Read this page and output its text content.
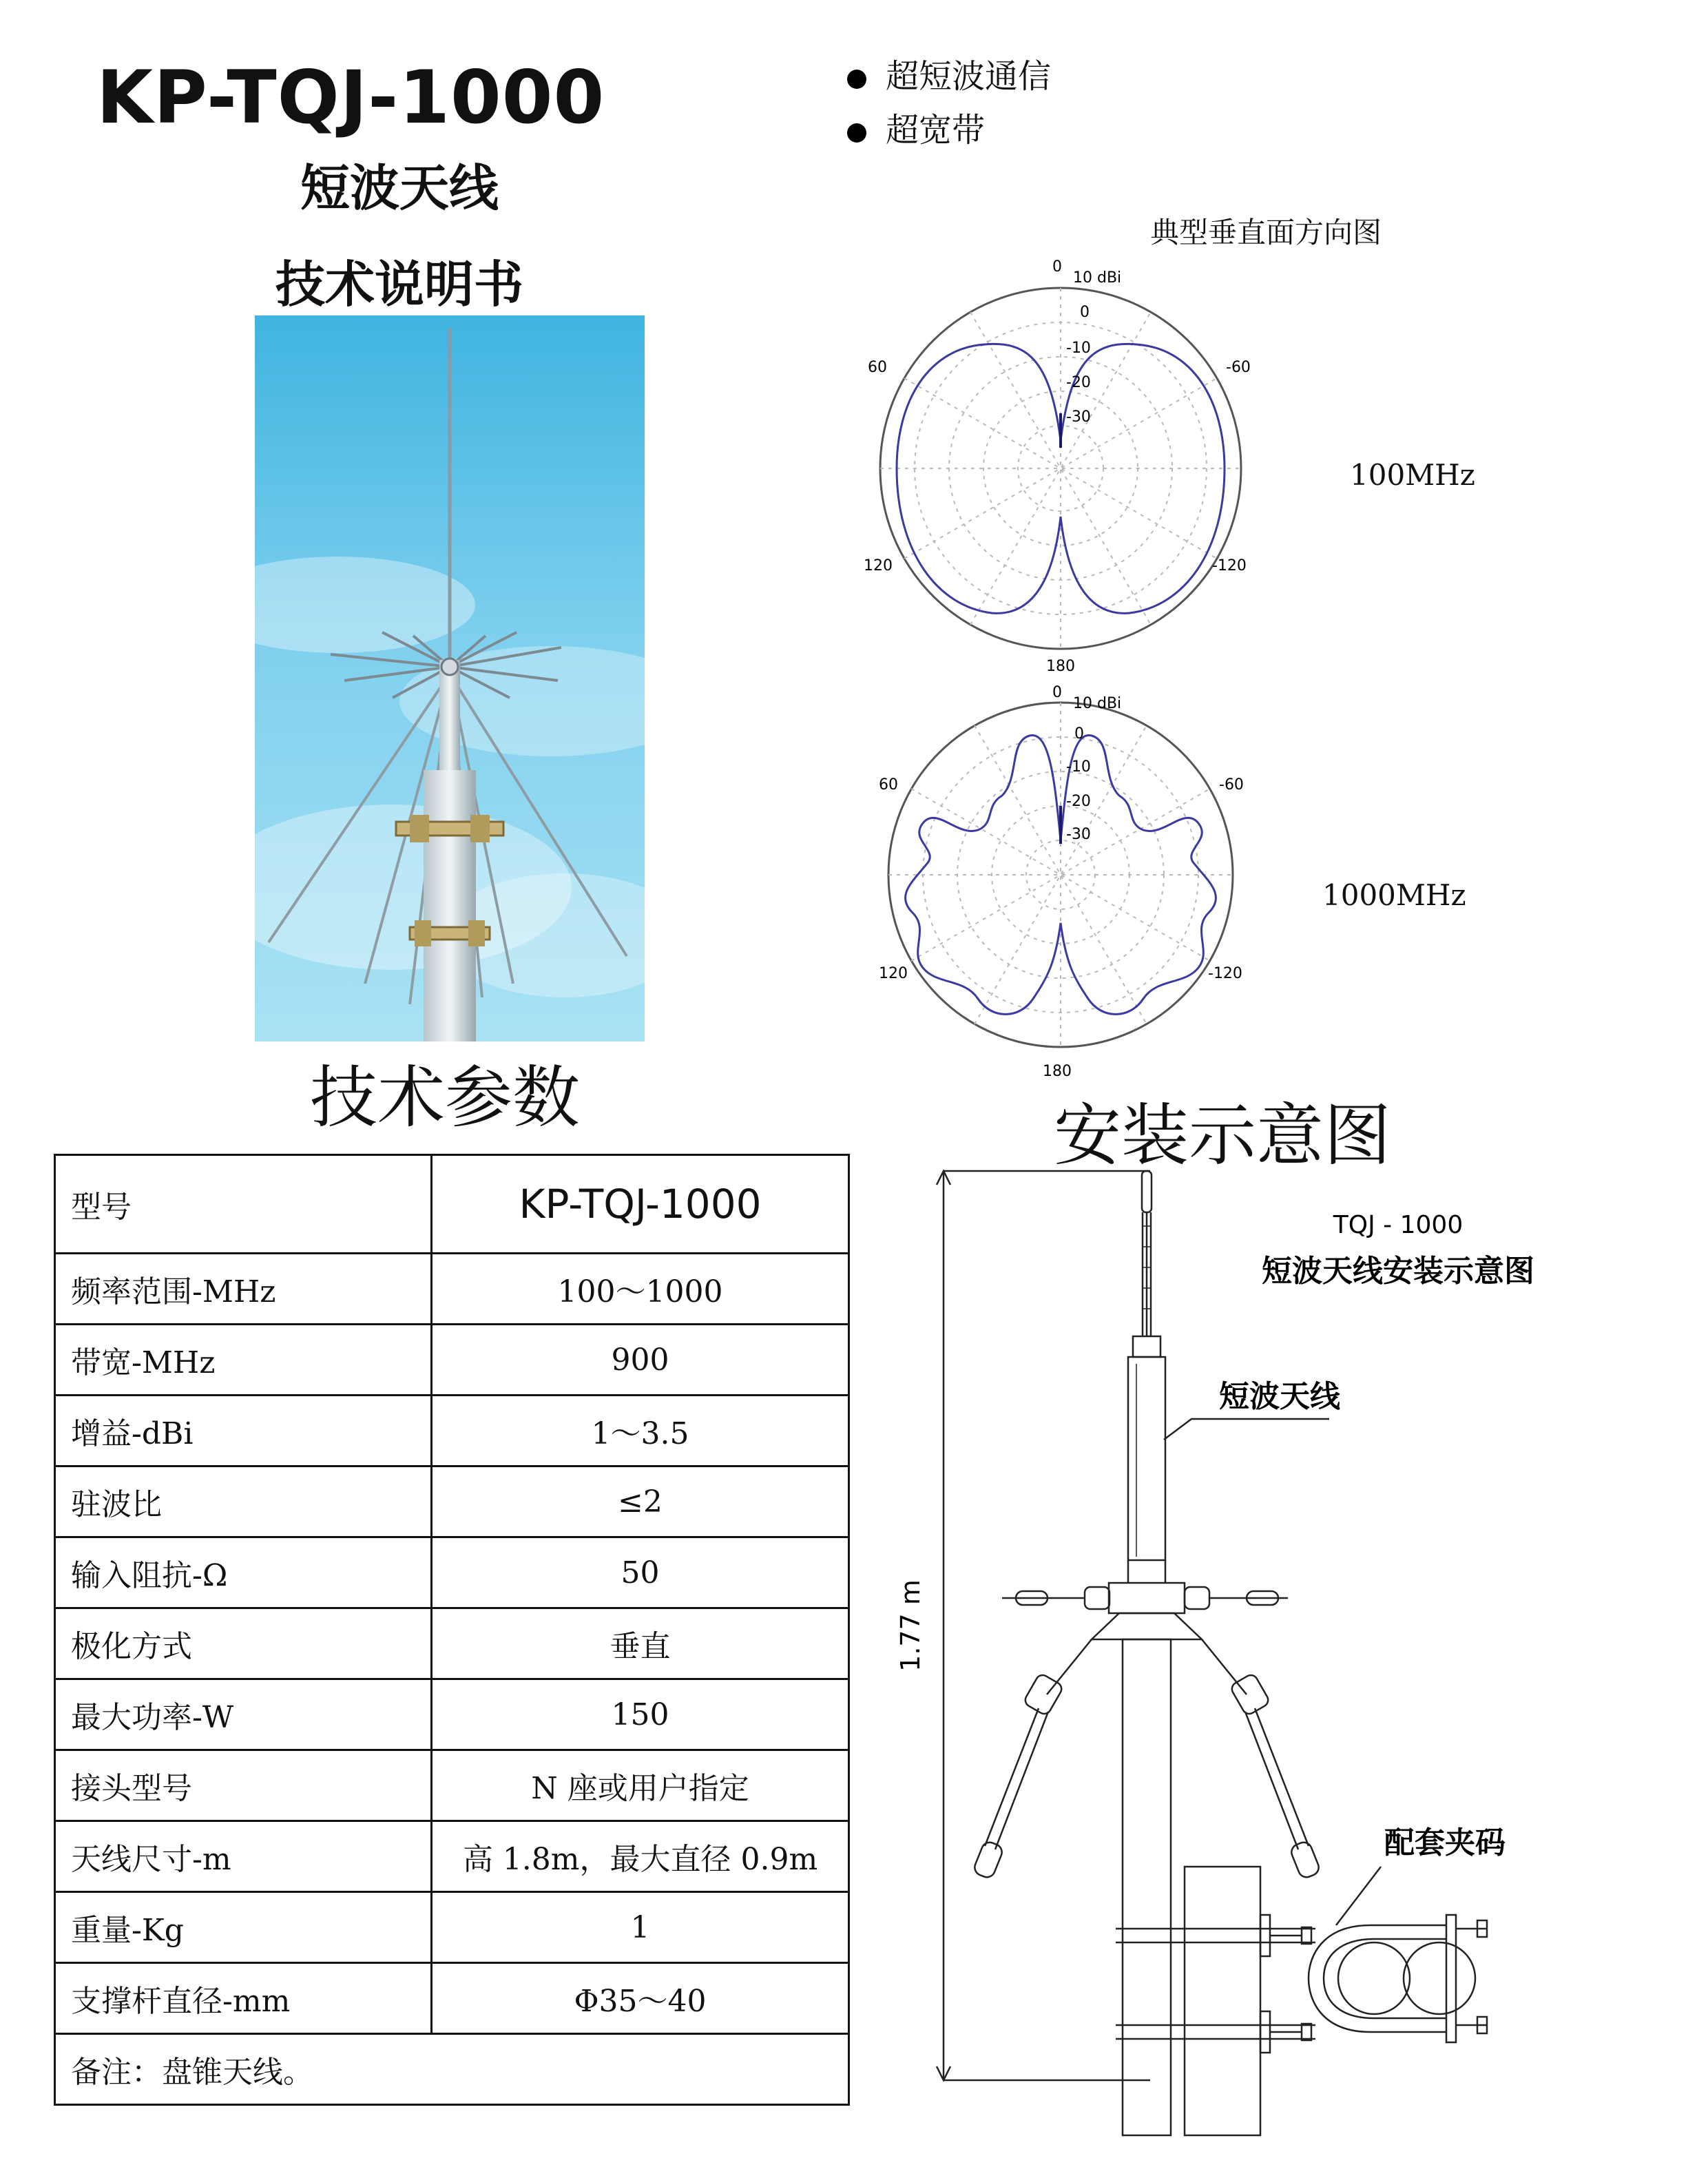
KP-TQJ-1000
短波天线
技术说明书
超短波通信
超宽带
技术参数
型号	KP-TQJ-1000
频率范围-MHz	100～1000
带宽-MHz	900
增益-dBi	1～3.5
驻波比	≤2
输入阻抗-Ω	50
极化方式	垂直
最大功率-W	150
接头型号	N 座或用户指定
天线尺寸-m	高 1.8m，最大直径 0.9m
重量-Kg	1
支撑杆直径-mm	Φ35～40
备注：盘锥天线。	
典型垂直面方向图
0
10 dBi
0
-10
-20
-30
60	-60
120	-120
180
100MHz
0
10 dBi
0
-10
-20
-30
60	-60
120	-120
180
1000MHz
安装示意图
1.77 m
TQJ - 1000
短波天线安装示意图
短波天线
配套夹码
